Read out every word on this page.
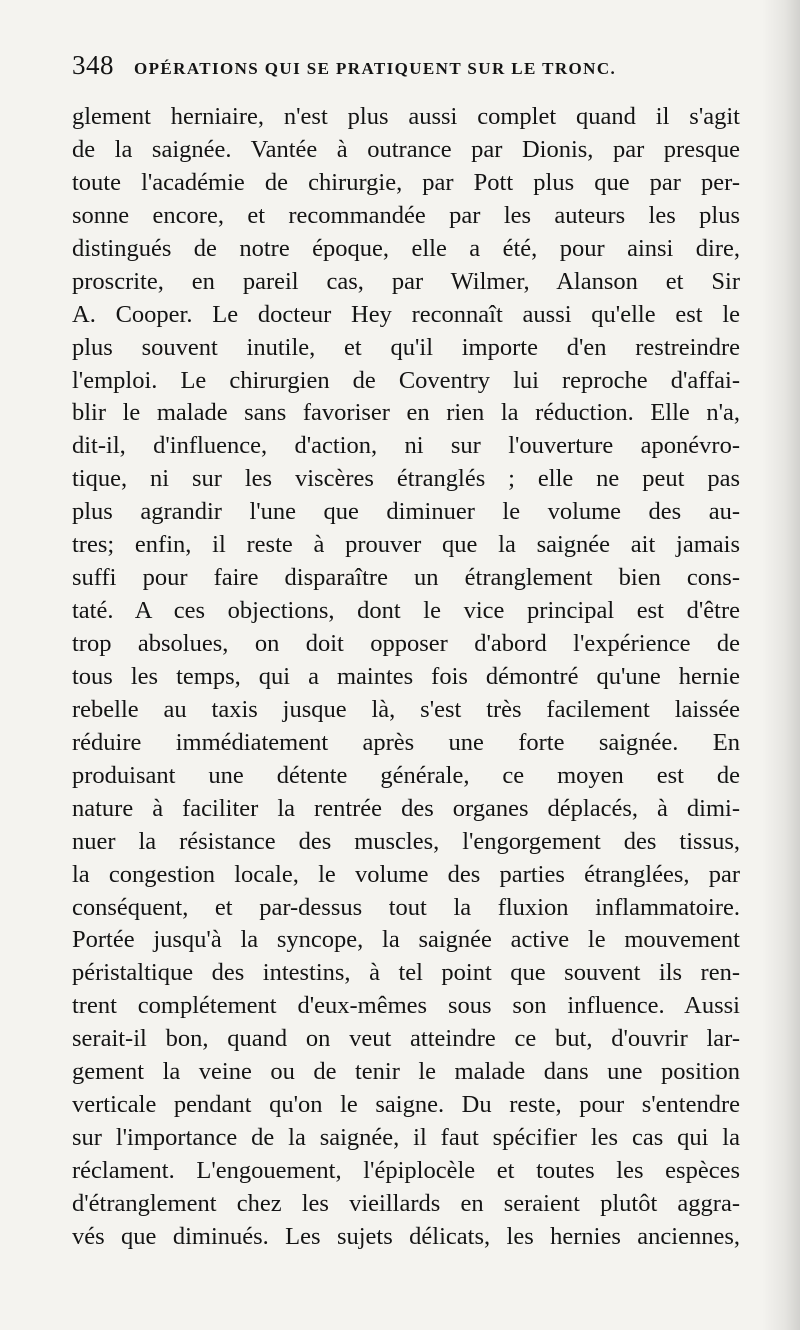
348 OPÉRATIONS QUI SE PRATIQUENT SUR LE TRONC.
glement herniaire, n'est plus aussi complet quand il s'agit
de la saignée. Vantée à outrance par Dionis, par presque
toute l'académie de chirurgie, par Pott plus que par per-
sonne encore, et recommandée par les auteurs les plus
distingués de notre époque, elle a été, pour ainsi dire,
proscrite, en pareil cas, par Wilmer, Alanson et Sir
A. Cooper. Le docteur Hey reconnaît aussi qu'elle est le
plus souvent inutile, et qu'il importe d'en restreindre
l'emploi. Le chirurgien de Coventry lui reproche d'affai-
blir le malade sans favoriser en rien la réduction. Elle n'a,
dit-il, d'influence, d'action, ni sur l'ouverture aponévro-
tique, ni sur les viscères étranglés ; elle ne peut pas
plus agrandir l'une que diminuer le volume des au-
tres; enfin, il reste à prouver que la saignée ait jamais
suffi pour faire disparaître un étranglement bien cons-
taté. A ces objections, dont le vice principal est d'être
trop absolues, on doit opposer d'abord l'expérience de
tous les temps, qui a maintes fois démontré qu'une hernie
rebelle au taxis jusque là, s'est très facilement laissée
réduire immédiatement après une forte saignée. En
produisant une détente générale, ce moyen est de
nature à faciliter la rentrée des organes déplacés, à dimi-
nuer la résistance des muscles, l'engorgement des tissus,
la congestion locale, le volume des parties étranglées, par
conséquent, et par-dessus tout la fluxion inflammatoire.
Portée jusqu'à la syncope, la saignée active le mouvement
péristaltique des intestins, à tel point que souvent ils ren-
trent complétement d'eux-mêmes sous son influence. Aussi
serait-il bon, quand on veut atteindre ce but, d'ouvrir lar-
gement la veine ou de tenir le malade dans une position
verticale pendant qu'on le saigne. Du reste, pour s'entendre
sur l'importance de la saignée, il faut spécifier les cas qui la
réclament. L'engouement, l'épiplocèle et toutes les espèces
d'étranglement chez les vieillards en seraient plutôt aggra-
vés que diminués. Les sujets délicats, les hernies anciennes,
